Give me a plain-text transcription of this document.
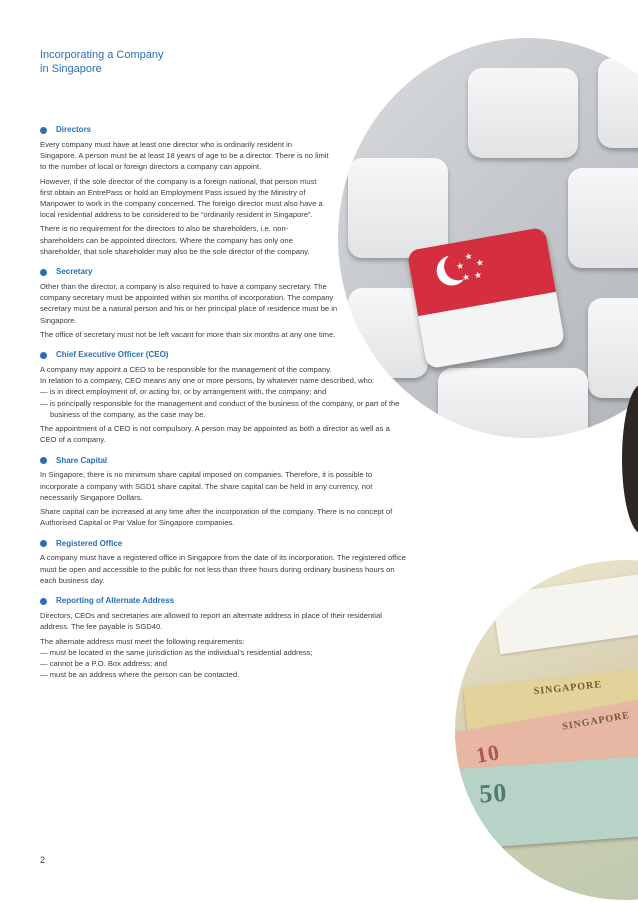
Incorporating a Company
in Singapore
★
★
★
★
★
SINGAPORE
10
SINGAPORE
50
Directors

Every company must have at least one director who is ordinarily resident in Singapore. A person must be at least 18 years of age to be a director. There is no limit to the number of local or foreign directors a company can appoint.

However, if the sole director of the company is a foreign national, that person must first obtain an EntrePass or hold an Employment Pass issued by the Ministry of Manpower to work in the company concerned. The foreign director must also have a local residential address to be considered to be “ordinarily resident in Singapore”.

There is no requirement for the directors to also be shareholders, i.e. non-shareholders can be appointed directors. Where the company has only one shareholder, that sole shareholder may also be the sole director of the company.

Secretary

Other than the director, a company is also required to have a company secretary. The company secretary must be appointed within six months of incorporation. The company secretary must be a natural person and his or her principal place of residence must be in Singapore.

The office of secretary must not be left vacant for more than six months at any one time.

Chief Executive Officer (CEO)

A company may appoint a CEO to be responsible for the management of the company.

In relation to a company, CEO means any one or more persons, by whatever name described, who:

— is in direct employment of, or acting for, or by arrangement with, the company; and

— is principally responsible for the management and conduct of the business of the company, or part of the business of the company, as the case may be.

The appointment of a CEO is not compulsory. A person may be appointed as both a director as well as a CEO of a company.

Share Capital

In Singapore, there is no minimum share capital imposed on companies. Therefore, it is possible to incorporate a company with SGD1 share capital. The share capital can be held in any currency, not necessarily Singapore Dollars.

Share capital can be increased at any time after the incorporation of the company. There is no concept of Authorised Capital or Par Value for Singapore companies.

Registered Office

A company must have a registered office in Singapore from the date of its incorporation. The registered office must be open and accessible to the public for not less than three hours during ordinary business hours on each business day.

Reporting of Alternate Address

Directors, CEOs and secretaries are allowed to report an alternate address in place of their residential address. The fee payable is SGD40.

The alternate address must meet the following requirements:

— must be located in the same jurisdiction as the individual’s residential address;

— cannot be a P.O. Box address; and

— must be an address where the person can be contacted.

2
